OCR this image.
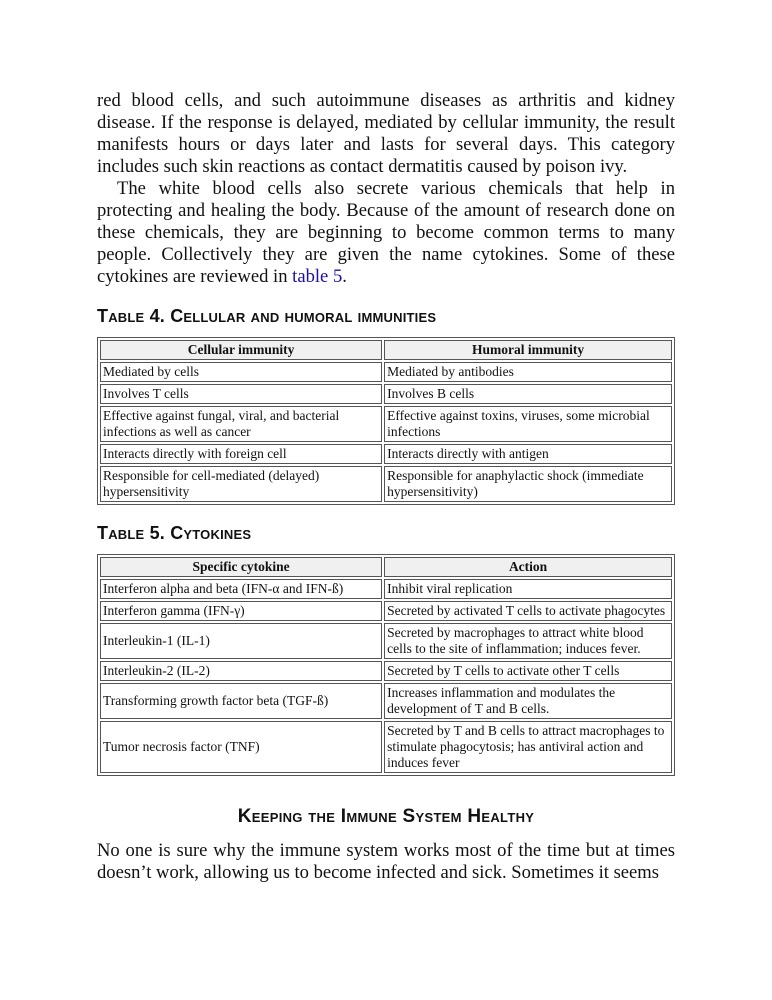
red blood cells, and such autoimmune diseases as arthritis and kidney disease. If the response is delayed, mediated by cellular immunity, the result manifests hours or days later and lasts for several days. This category includes such skin reactions as contact dermatitis caused by poison ivy.

The white blood cells also secrete various chemicals that help in protecting and healing the body. Because of the amount of research done on these chemicals, they are beginning to become common terms to many people. Collectively they are given the name cytokines. Some of these cytokines are reviewed in table 5.

Table 4. Cellular and humoral immunities
Cellular immunity	Humoral immunity
Mediated by cells	Mediated by antibodies
Involves T cells	Involves B cells
Effective against fungal, viral, and bacterial infections as well as cancer	Effective against toxins, viruses, some microbial infections
Interacts directly with foreign cell	Interacts directly with antigen
Responsible for cell-mediated (delayed) hypersensitivity	Responsible for anaphylactic shock (immediate hypersensitivity)
Table 5. Cytokines
Specific cytokine	Action
Interferon alpha and beta (IFN-α and IFN-ß)	Inhibit viral replication
Interferon gamma (IFN-γ)	Secreted by activated T cells to activate phagocytes
Interleukin-1 (IL-1)	Secreted by macrophages to attract white blood cells to the site of inflammation; induces fever.
Interleukin-2 (IL-2)	Secreted by T cells to activate other T cells
Transforming growth factor beta (TGF-ß)	Increases inflammation and modulates the development of T and B cells.
Tumor necrosis factor (TNF)	Secreted by T and B cells to attract macrophages to stimulate phagocytosis; has antiviral action and induces fever
Keeping the Immune System Healthy

No one is sure why the immune system works most of the time but at times doesn’t work, allowing us to become infected and sick. Sometimes it seems
